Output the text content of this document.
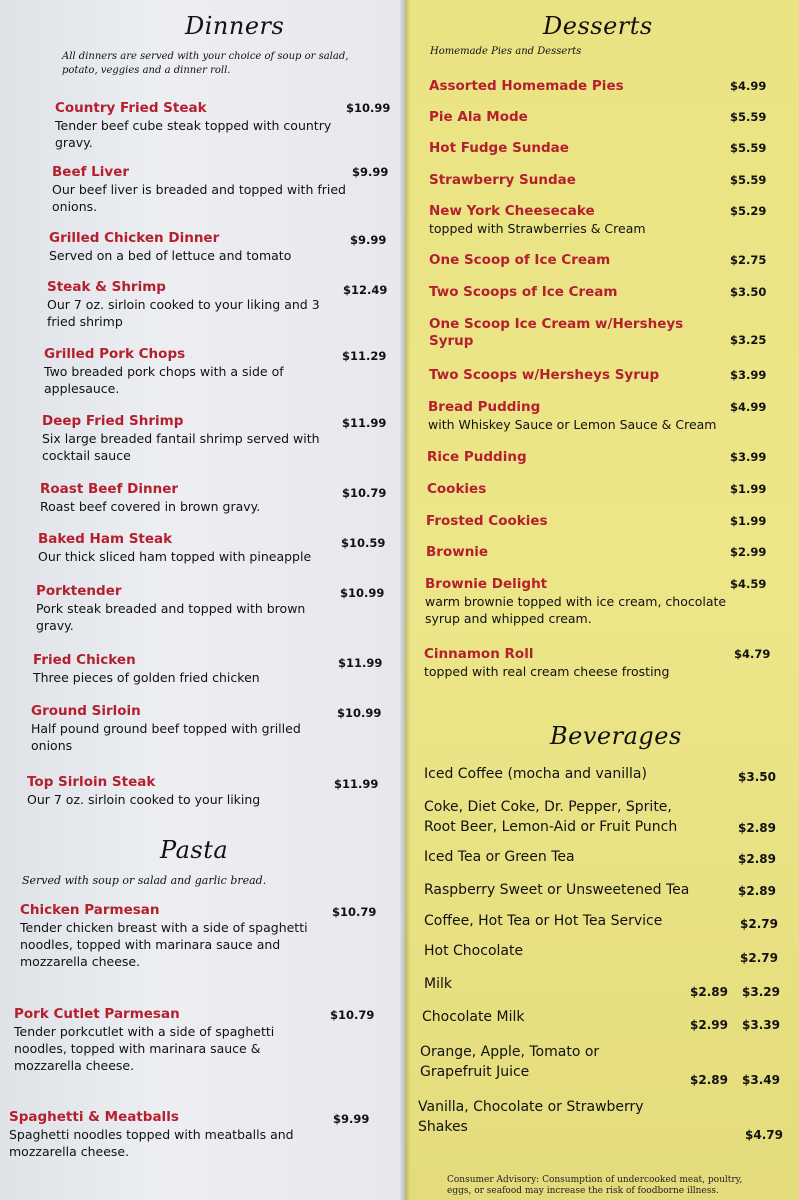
Dinners
All dinners are served with your choice of soup or salad,
potato, veggies and a dinner roll.
Country Fried Steak
Tender beef cube steak topped with country
gravy.
$10.99
Beef Liver
Our beef liver is breaded and topped with fried
onions.
$9.99
Grilled Chicken Dinner
Served on a bed of lettuce and tomato
$9.99
Steak & Shrimp
Our 7 oz. sirloin cooked to your liking and 3
fried shrimp
$12.49
Grilled Pork Chops
Two breaded pork chops with a side of
applesauce.
$11.29
Deep Fried Shrimp
Six large breaded fantail shrimp served with
cocktail sauce
$11.99
Roast Beef Dinner
Roast beef covered in brown gravy.
$10.79
Baked Ham Steak
Our thick sliced ham topped with pineapple
$10.59
Porktender
Pork steak breaded and topped with brown
gravy.
$10.99
Fried Chicken
Three pieces of golden fried chicken
$11.99
Ground Sirloin
Half pound ground beef topped with grilled
onions
$10.99
Top Sirloin Steak
Our 7 oz. sirloin cooked to your liking
$11.99
Pasta
Served with soup or salad and garlic bread.
Chicken Parmesan
Tender chicken breast with a side of spaghetti
noodles, topped with marinara sauce and
mozzarella cheese.
$10.79
Pork Cutlet Parmesan
Tender porkcutlet with a side of spaghetti
noodles, topped with marinara sauce &
mozzarella cheese.
$10.79
Spaghetti & Meatballs
Spaghetti noodles topped with meatballs and
mozzarella cheese.
$9.99
Desserts
Homemade Pies and Desserts
Assorted Homemade Pies	$4.99
Pie Ala Mode	$5.59
Hot Fudge Sundae	$5.59
Strawberry Sundae	$5.59
New York Cheesecake
topped with Strawberries & Cream
$5.29
One Scoop of Ice Cream	$2.75
Two Scoops of Ice Cream	$3.50
One Scoop Ice Cream w/Hersheys
Syrup	$3.25
Two Scoops w/Hersheys Syrup	$3.99
Bread Pudding
with Whiskey Sauce or Lemon Sauce & Cream
$4.99
Rice Pudding	$3.99
Cookies	$1.99
Frosted Cookies	$1.99
Brownie	$2.99
Brownie Delight
warm brownie topped with ice cream, chocolate
syrup and whipped cream.
$4.59
Cinnamon Roll
topped with real cream cheese frosting
$4.79
Beverages
Iced Coffee (mocha and vanilla)	$3.50
Coke, Diet Coke, Dr. Pepper, Sprite,
Root Beer, Lemon-Aid or Fruit Punch	$2.89
Iced Tea or Green Tea	$2.89
Raspberry Sweet or Unsweetened Tea	$2.89
Coffee, Hot Tea or Hot Tea Service	$2.79
Hot Chocolate	$2.79
Milk	$2.89 $3.29
Chocolate Milk	$2.99 $3.39
Orange, Apple, Tomato or
Grapefruit Juice	$2.89 $3.49
Vanilla, Chocolate or Strawberry
Shakes	$4.79
Consumer Advisory: Consumption of undercooked meat, poultry,
eggs, or seafood may increase the risk of foodborne illness.
